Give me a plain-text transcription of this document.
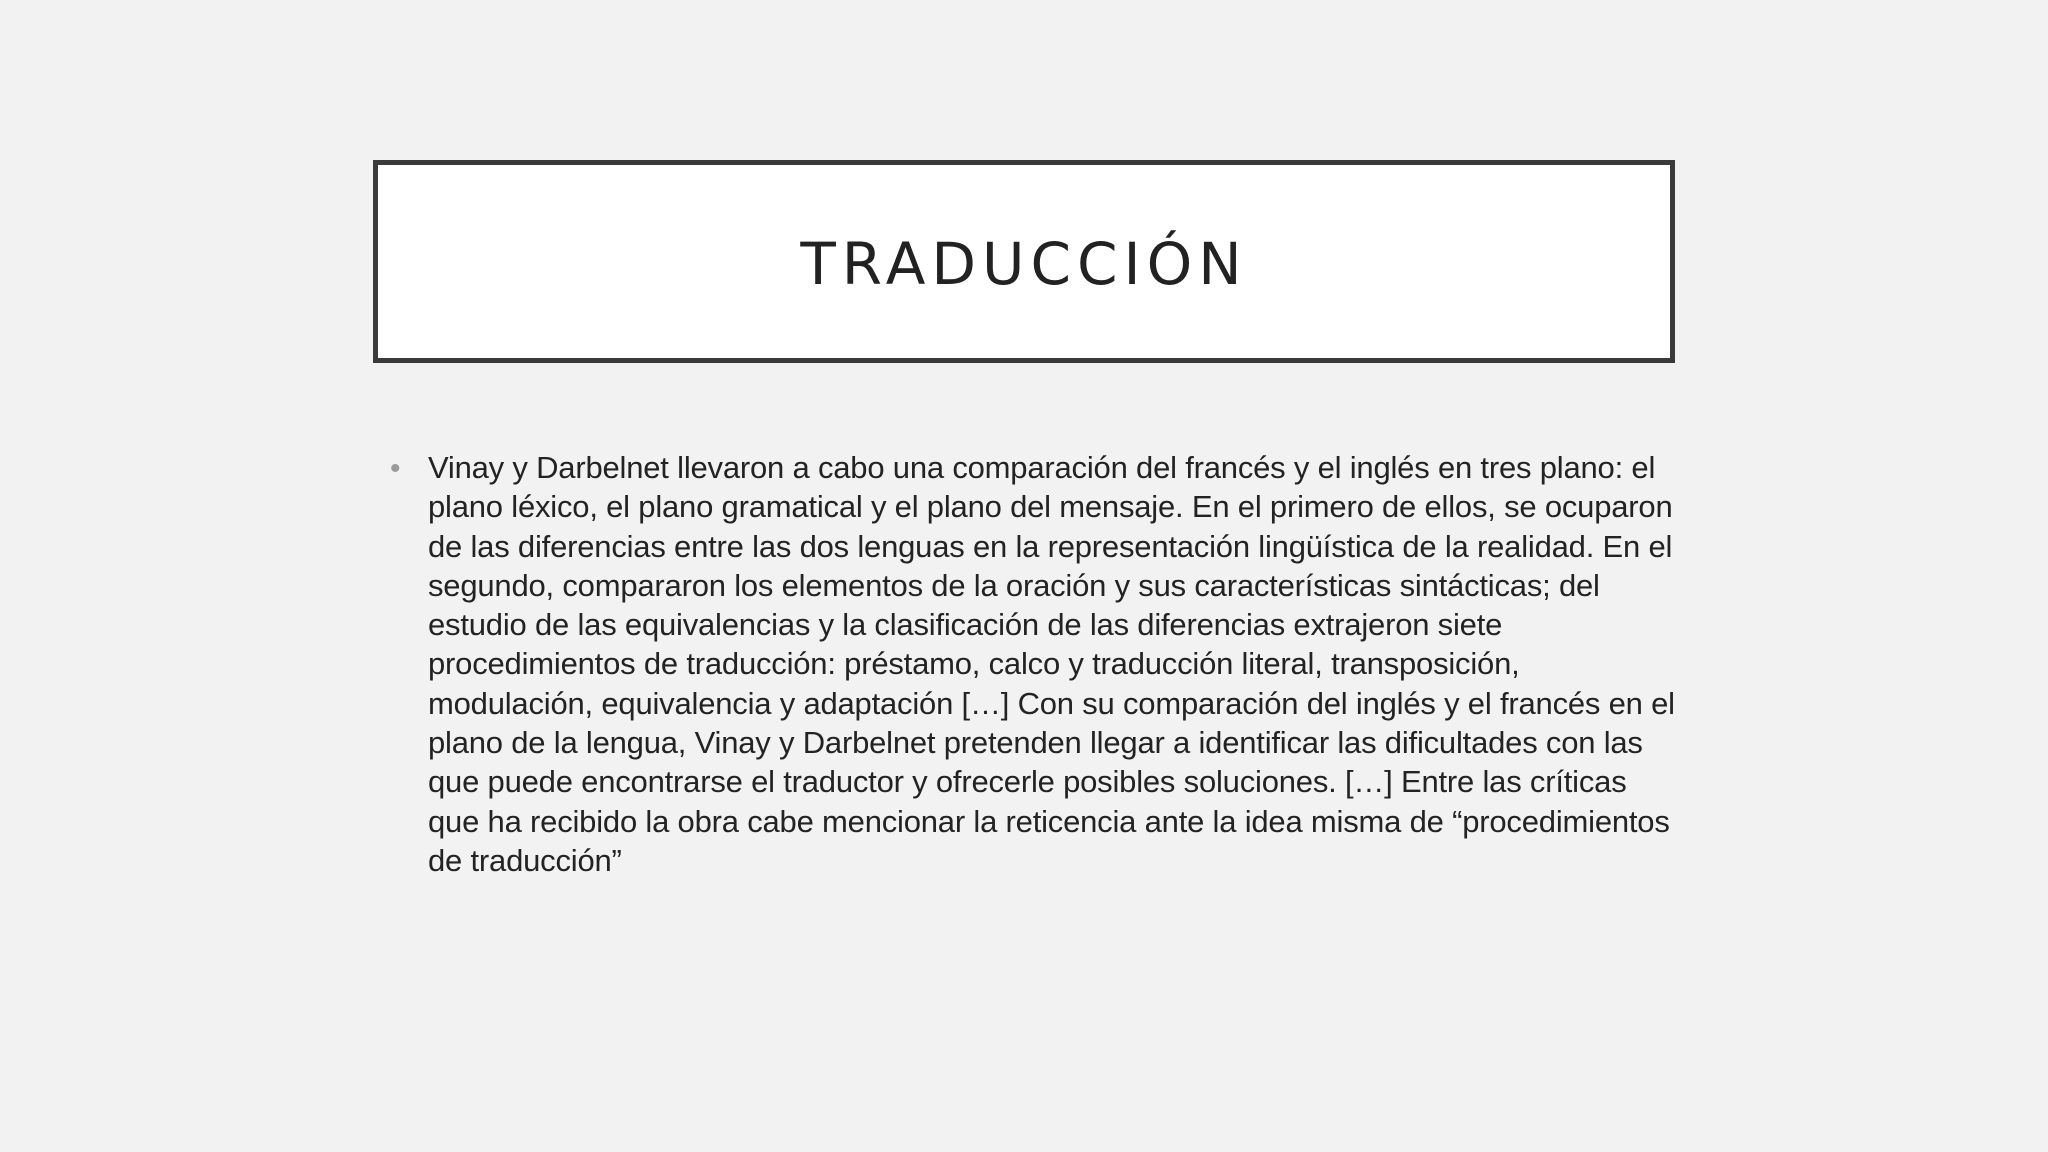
TRADUCCIÓN
• Vinay y Darbelnet llevaron a cabo una comparación del francés y el inglés en tres plano: el plano léxico, el plano gramatical y el plano del mensaje. En el primero de ellos, se ocuparon de las diferencias entre las dos lenguas en la representación lingüística de la realidad. En el segundo, compararon los elementos de la oración y sus características sintácticas; del estudio de las equivalencias y la clasificación de las diferencias extrajeron siete procedimientos de traducción: préstamo, calco y traducción literal, transposición, modulación, equivalencia y adaptación […] Con su comparación del inglés y el francés en el plano de la lengua, Vinay y Darbelnet pretenden llegar a identificar las dificultades con las que puede encontrarse el traductor y ofrecerle posibles soluciones. […] Entre las críticas que ha recibido la obra cabe mencionar la reticencia ante la idea misma de “procedimientos de traducción”
